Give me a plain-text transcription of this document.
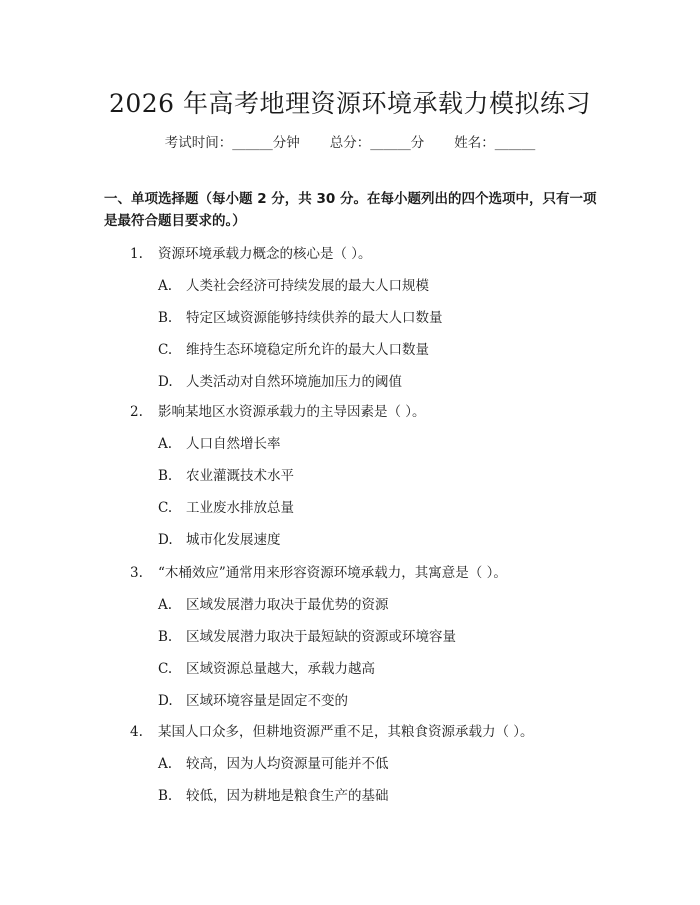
2026 年高考地理资源环境承载力模拟练习
考试时间：______分钟 总分：______分 姓名：______
一、单项选择题（每小题 2 分，共 30 分。在每小题列出的四个选项中，只有一项是最符合题目要求的。）
1. 资源环境承载力概念的核心是（ ）。
A. 人类社会经济可持续发展的最大人口规模
B. 特定区域资源能够持续供养的最大人口数量
C. 维持生态环境稳定所允许的最大人口数量
D. 人类活动对自然环境施加压力的阈值
2. 影响某地区水资源承载力的主导因素是（ ）。
A. 人口自然增长率
B. 农业灌溉技术水平
C. 工业废水排放总量
D. 城市化发展速度
3. “木桶效应”通常用来形容资源环境承载力，其寓意是（ ）。
A. 区域发展潜力取决于最优势的资源
B. 区域发展潜力取决于最短缺的资源或环境容量
C. 区域资源总量越大，承载力越高
D. 区域环境容量是固定不变的
4. 某国人口众多，但耕地资源严重不足，其粮食资源承载力（ ）。
A. 较高，因为人均资源量可能并不低
B. 较低，因为耕地是粮食生产的基础
